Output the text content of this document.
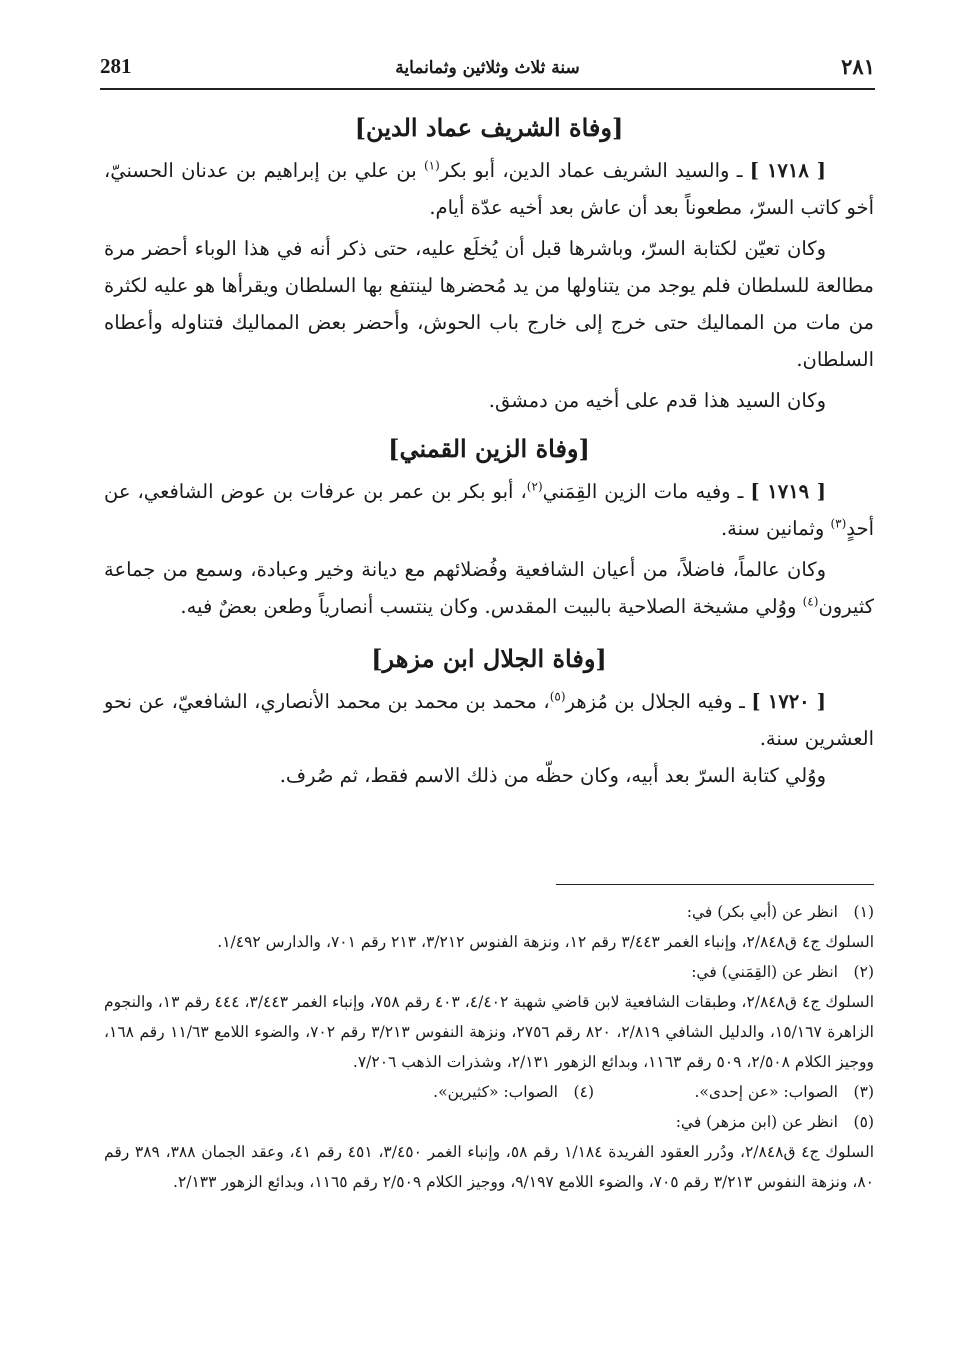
٢٨١
سنة ثلاث وثلاثين وثمانماية
281
[وفاة الشريف عماد الدين]

[ ١٧١٨ ] ـ والسيد الشريف عماد الدين، أبو بكر$^{(١)}$ بن علي بن إبراهيم بن عدنان الحسنيّ، أخو كاتب السرّ، مطعوناً بعد أن عاش بعد أخيه عدّة أيام.

وكان تعيّن لكتابة السرّ، وباشرها قبل أن يُخلَع عليه، حتى ذكر أنه في هذا الوباء أحضر مرة مطالعة للسلطان فلم يوجد من يتناولها من يد مُحضرها لينتفع بها السلطان ويقرأها هو عليه لكثرة من مات من المماليك حتى خرج إلى خارج باب الحوش، وأحضر بعض المماليك فتناوله وأعطاه السلطان.

وكان السيد هذا قدم على أخيه من دمشق.

[وفاة الزين القمني]

[ ١٧١٩ ] ـ وفيه مات الزين القِمَني$^{(٢)}$، أبو بكر بن عمر بن عرفات بن عوض الشافعي، عن أحدٍ$^{(٣)}$ وثمانين سنة.

وكان عالماً، فاضلاً، من أعيان الشافعية وفُضلائهم مع ديانة وخير وعبادة، وسمع من جماعة كثيرون$^{(٤)}$ ووُلي مشيخة الصلاحية بالبيت المقدس. وكان ينتسب أنصارياً وطعن بعضٌ فيه.

[وفاة الجلال ابن مزهر]

[ ١٧٢٠ ] ـ وفيه الجلال بن مُزهر$^{(٥)}$، محمد بن محمد بن محمد الأنصاري، الشافعيّ، عن نحو العشرين سنة.

ووُلي كتابة السرّ بعد أبيه، وكان حظّه من ذلك الاسم فقط، ثم صُرف.

(١)انظر عن (أبي بكر) في:
السلوك ج٤ ق٢/٨٤٨، وإنباء الغمر ٣/٤٤٣ رقم ١٢، ونزهة الفنوس ٣/٢١٢، ٢١٣ رقم ٧٠١، والدارس ١/٤٩٢.
(٢)انظر عن (القِمَني) في:
السلوك ج٤ ق٢/٨٤٨، وطبقات الشافعية لابن قاضي شهبة ٤/٤٠٢، ٤٠٣ رقم ٧٥٨، وإنباء الغمر ٣/٤٤٣، ٤٤٤ رقم ١٣، والنجوم الزاهرة ١٥/١٦٧، والدليل الشافي ٢/٨١٩، ٨٢٠ رقم ٢٧٥٦، ونزهة النفوس ٣/٢١٣ رقم ٧٠٢، والضوء اللامع ١١/٦٣ رقم ١٦٨، ووجيز الكلام ٢/٥٠٨، ٥٠٩ رقم ١١٦٣، وبدائع الزهور ٢/١٣١، وشذرات الذهب ٧/٢٠٦.
(٣)الصواب: «عن إحدى».
(٤)الصواب: «كثيرين».
(٥)انظر عن (ابن مزهر) في:
السلوك ج٤ ق٢/٨٤٨، ودُرر العقود الفريدة ١/١٨٤ رقم ٥٨، وإنباء الغمر ٣/٤٥٠، ٤٥١ رقم ٤١، وعقد الجمان ٣٨٨، ٣٨٩ رقم ٨٠، ونزهة النفوس ٣/٢١٣ رقم ٧٠٥، والضوء اللامع ٩/١٩٧، ووجيز الكلام ٢/٥٠٩ رقم ١١٦٥، وبدائع الزهور ٢/١٣٣.
